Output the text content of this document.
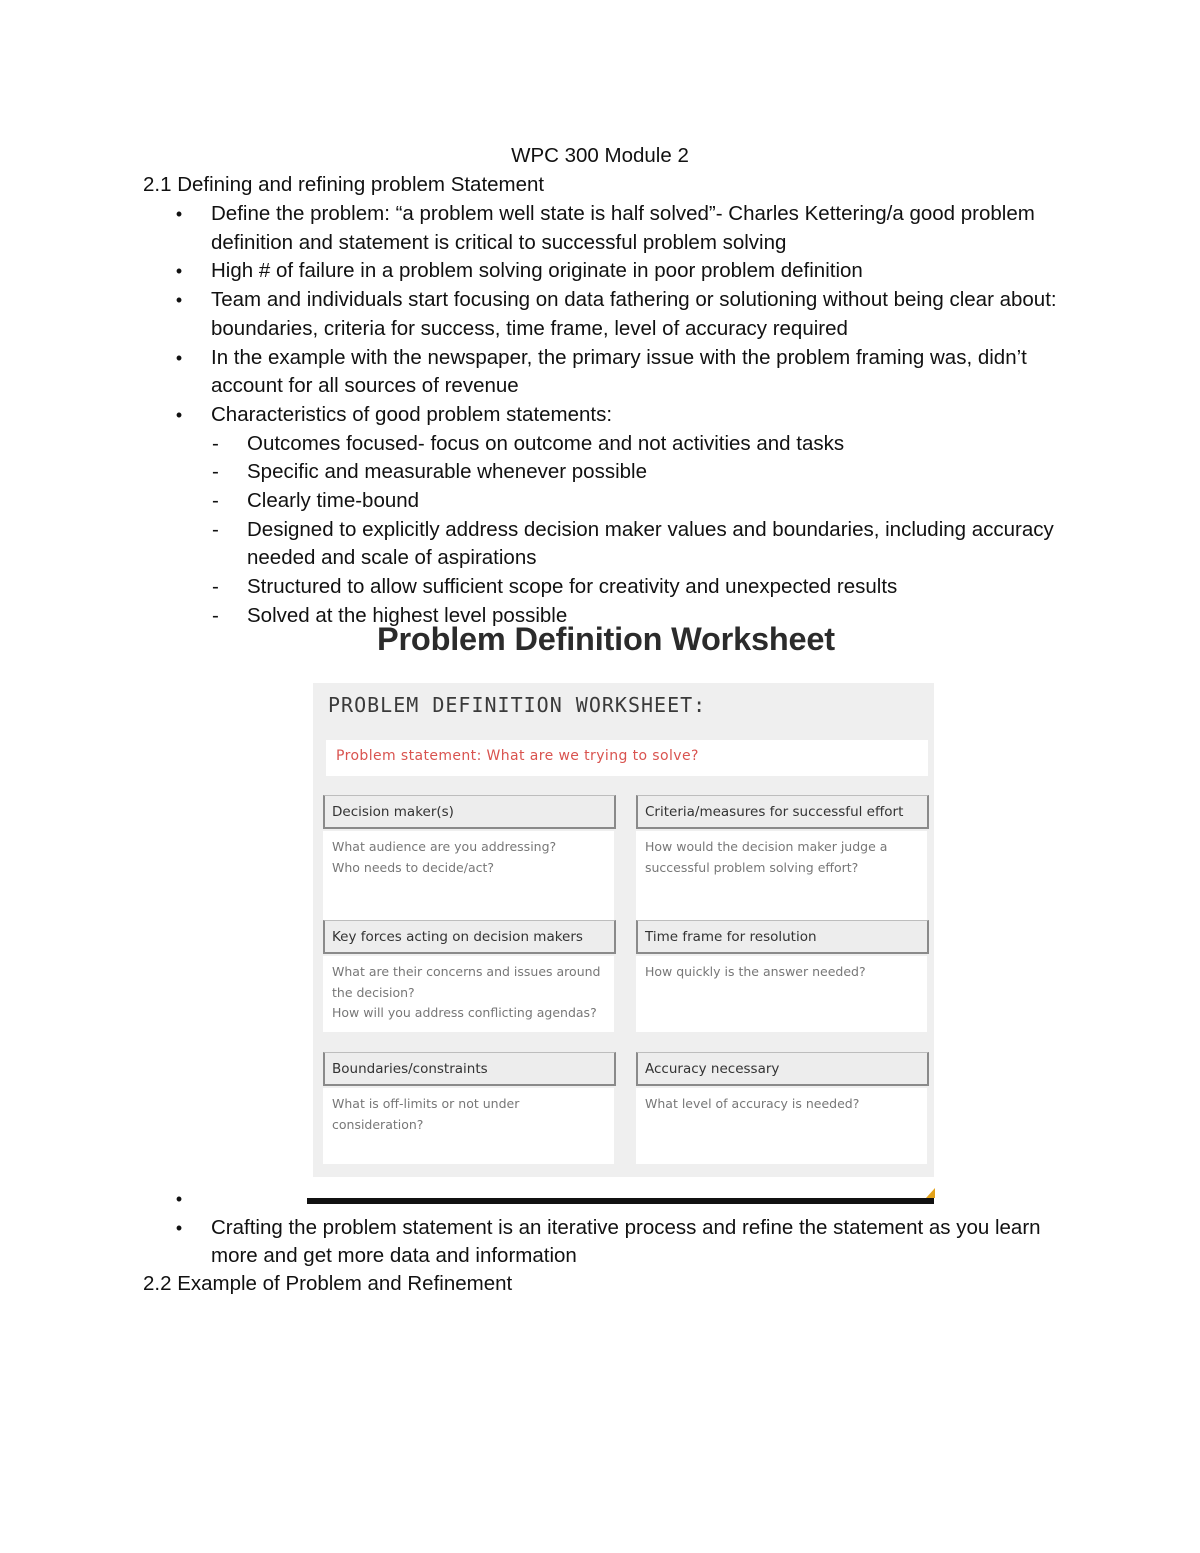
WPC 300 Module 2
2.1 Defining and refining problem Statement
• Define the problem: “a problem well state is half solved”- Charles Kettering/a good problem definition and statement is critical to successful problem solving
• High # of failure in a problem solving originate in poor problem definition
• Team and individuals start focusing on data fathering or solutioning without being clear about: boundaries, criteria for success, time frame, level of accuracy required
• In the example with the newspaper, the primary issue with the problem framing was, didn’t account for all sources of revenue
• Characteristics of good problem statements:
- Outcomes focused- focus on outcome and not activities and tasks
- Specific and measurable whenever possible
- Clearly time-bound
- Designed to explicitly address decision maker values and boundaries, including accuracy needed and scale of aspirations
- Structured to allow sufficient scope for creativity and unexpected results
- Solved at the highest level possible
Problem Definition Worksheet
PROBLEM DEFINITION WORKSHEET:
Problem statement: What are we trying to solve?
Decision maker(s)
What audience are you addressing?
Who needs to decide/act?
Criteria/measures for successful effort
How would the decision maker judge a
successful problem solving effort?
Key forces acting on decision makers
What are their concerns and issues around
the decision?
How will you address conflicting agendas?
Time frame for resolution
How quickly is the answer needed?
Boundaries/constraints
What is off-limits or not under
consideration?
Accuracy necessary
What level of accuracy is needed?
•

• Crafting the problem statement is an iterative process and refine the statement as you learn more and get more data and information
2.2 Example of Problem and Refinement
